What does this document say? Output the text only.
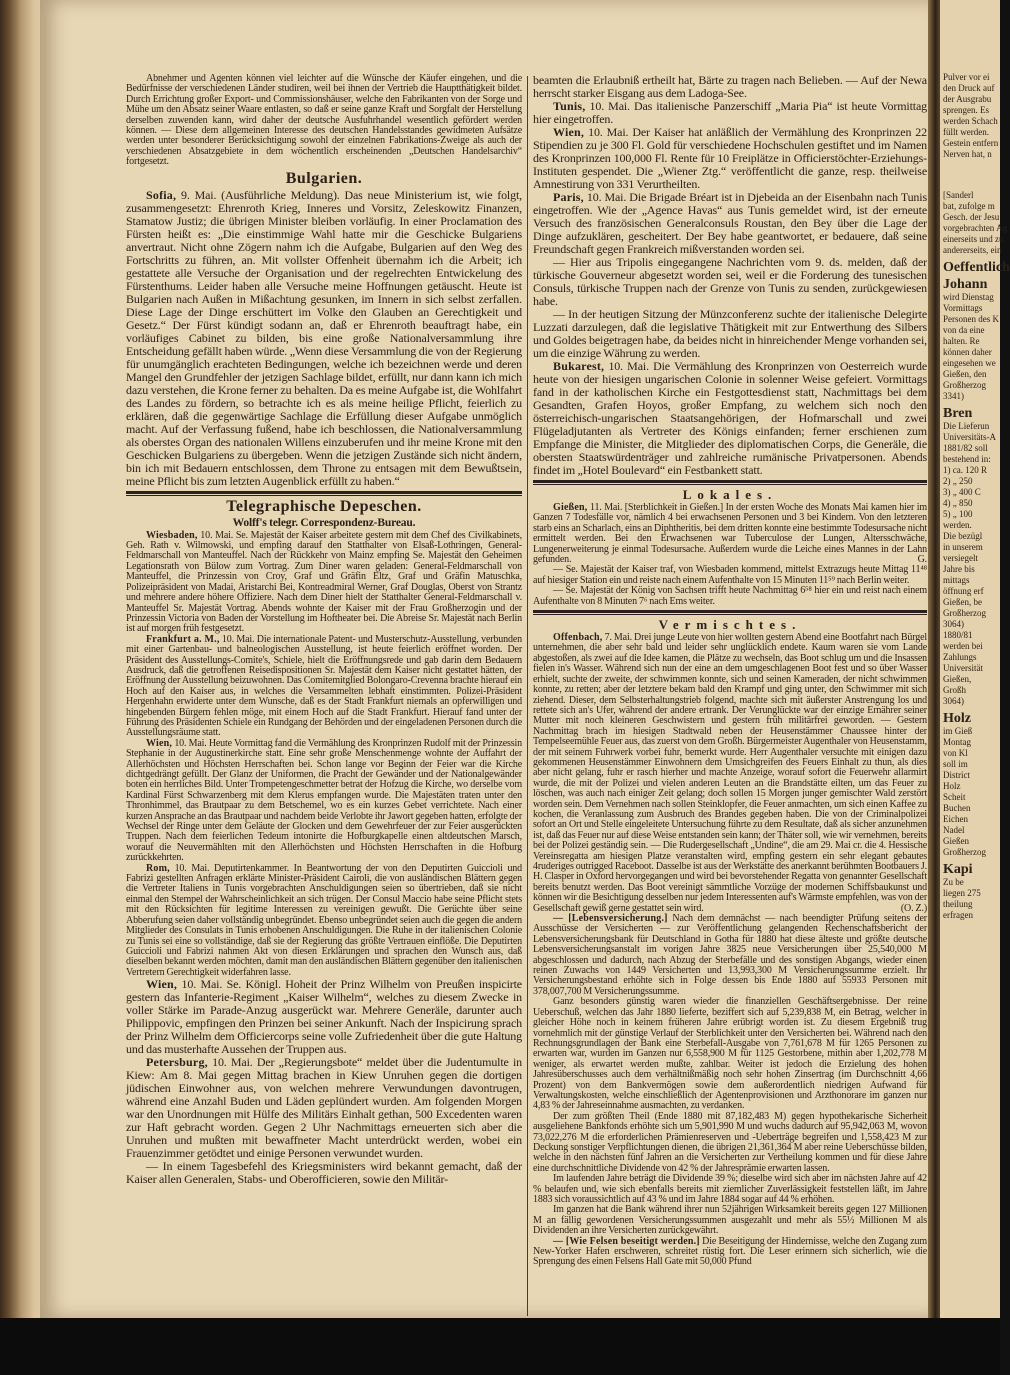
Abnehmer und Agenten können viel leichter auf die Wünsche der Käufer eingehen, und die Bedürfnisse der verschiedenen Länder studiren, weil bei ihnen der Vertrieb die Hauptthätigkeit bildet. Durch Errichtung großer Export- und Commissionshäuser, welche den Fabrikanten von der Sorge und Mühe um den Absatz seiner Waare entlasten, so daß er seine ganze Kraft und Sorgfalt der Herstellung derselben zuwenden kann, wird daher der deutsche Ausfuhrhandel wesentlich gefördert werden können. — Diese dem allgemeinen Interesse des deutschen Handelsstandes gewidmeten Aufsätze werden unter besonderer Berücksichtigung sowohl der einzelnen Fabrikations-Zweige als auch der verschiedenen Absatzgebiete in dem wöchentlich erscheinenden „Deutschen Handelsarchiv“ fortgesetzt.

Bulgarien.

Sofia, 9. Mai. (Ausführliche Meldung). Das neue Ministerium ist, wie folgt, zusammengesetzt: Ehrenroth Krieg, Inneres und Vorsitz, Zeleskowitz Finanzen, Stamatow Justiz; die übrigen Minister bleiben vorläufig. In einer Proclamation des Fürsten heißt es: „Die einstimmige Wahl hatte mir die Geschicke Bulgariens anvertraut. Nicht ohne Zögern nahm ich die Aufgabe, Bulgarien auf den Weg des Fortschritts zu führen, an. Mit vollster Offenheit übernahm ich die Arbeit; ich gestattete alle Versuche der Organisation und der regelrechten Entwickelung des Fürstenthums. Leider haben alle Versuche meine Hoffnungen getäuscht. Heute ist Bulgarien nach Außen in Mißachtung gesunken, im Innern in sich selbst zerfallen. Diese Lage der Dinge erschüttert im Volke den Glauben an Gerechtigkeit und Gesetz.“ Der Fürst kündigt sodann an, daß er Ehrenroth beauftragt habe, ein vorläufiges Cabinet zu bilden, bis eine große Nationalversammlung ihre Entscheidung gefällt haben würde. „Wenn diese Versammlung die von der Regierung für unumgänglich erachteten Bedingungen, welche ich bezeichnen werde und deren Mangel den Grundfehler der jetzigen Sachlage bildet, erfüllt, nur dann kann ich mich dazu verstehen, die Krone ferner zu behalten. Da es meine Aufgabe ist, die Wohlfahrt des Landes zu fördern, so betrachte ich es als meine heilige Pflicht, feierlich zu erklären, daß die gegenwärtige Sachlage die Erfüllung dieser Aufgabe unmöglich macht. Auf der Verfassung fußend, habe ich beschlossen, die Nationalversammlung als oberstes Organ des nationalen Willens einzuberufen und ihr meine Krone mit den Geschicken Bulgariens zu übergeben. Wenn die jetzigen Zustände sich nicht ändern, bin ich mit Bedauern entschlossen, dem Throne zu entsagen mit dem Bewußtsein, meine Pflicht bis zum letzten Augenblick erfüllt zu haben.“

Telegraphische Depeschen.
Wolff's telegr. Correspondenz-Bureau.

Wiesbaden, 10. Mai. Se. Majestät der Kaiser arbeitete gestern mit dem Chef des Civilkabinets, Geh. Rath v. Wilmowski, und empfing darauf den Statthalter von Elsaß-Lothringen, General-Feldmarschall von Manteuffel. Nach der Rückkehr von Mainz empfing Se. Majestät den Geheimen Legationsrath von Bülow zum Vortrag. Zum Diner waren geladen: General-Feldmarschall von Manteuffel, die Prinzessin von Croy, Graf und Gräfin Eltz, Graf und Gräfin Matuschka, Polizeipräsident von Madai, Aristarchi Bei, Kontreadmiral Werner, Graf Douglas, Oberst von Strantz und mehrere andere höhere Offiziere. Nach dem Diner hielt der Statthalter General-Feldmarschall v. Manteuffel Sr. Majestät Vortrag. Abends wohnte der Kaiser mit der Frau Großherzogin und der Prinzessin Victoria von Baden der Vorstellung im Hoftheater bei. Die Abreise Sr. Majestät nach Berlin ist auf morgen früh festgesetzt.

Frankfurt a. M., 10. Mai. Die internationale Patent- und Musterschutz-Ausstellung, verbunden mit einer Gartenbau- und balneologischen Ausstellung, ist heute feierlich eröffnet worden. Der Präsident des Ausstellungs-Comite's, Schiele, hielt die Eröffnungsrede und gab darin dem Bedauern Ausdruck, daß die getroffenen Reisedispositionen Sr. Majestät dem Kaiser nicht gestattet hätten, der Eröffnung der Ausstellung beizuwohnen. Das Comitemitglied Bolongaro-Crevenna brachte hierauf ein Hoch auf den Kaiser aus, in welches die Versammelten lebhaft einstimmten. Polizei-Präsident Hergenhahn erwiderte unter dem Wunsche, daß es der Stadt Frankfurt niemals an opferwilligen und hingebenden Bürgern fehlen möge, mit einem Hoch auf die Stadt Frankfurt. Hierauf fand unter der Führung des Präsidenten Schiele ein Rundgang der Behörden und der eingeladenen Personen durch die Ausstellungsräume statt.

Wien, 10. Mai. Heute Vormittag fand die Vermählung des Kronprinzen Rudolf mit der Prinzessin Stephanie in der Augustinerkirche statt. Eine sehr große Menschenmenge wohnte der Auffahrt der Allerhöchsten und Höchsten Herrschaften bei. Schon lange vor Beginn der Feier war die Kirche dichtgedrängt gefüllt. Der Glanz der Uniformen, die Pracht der Gewänder und der Nationalgewänder boten ein herrliches Bild. Unter Trompetengeschmetter betrat der Hofzug die Kirche, wo derselbe vom Kardinal Fürst Schwarzenberg mit dem Klerus empfangen wurde. Die Majestäten traten unter den Thronhimmel, das Brautpaar zu dem Betschemel, wo es ein kurzes Gebet verrichtete. Nach einer kurzen Ansprache an das Brautpaar und nachdem beide Verlobte ihr Jawort gegeben hatten, erfolgte der Wechsel der Ringe unter dem Geläute der Glocken und dem Gewehrfeuer der zur Feier ausgerückten Truppen. Nach dem feierlichen Tedeum intonirte die Hofburgkapelle einen altdeutschen Marsch, worauf die Neuvermählten mit den Allerhöchsten und Höchsten Herrschaften in die Hofburg zurückkehrten.

Rom, 10. Mai. Deputirtenkammer. In Beantwortung der von den Deputirten Guiccioli und Fabrizi gestellten Anfragen erklärte Minister-Präsident Cairoli, die von ausländischen Blättern gegen die Vertreter Italiens in Tunis vorgebrachten Anschuldigungen seien so übertrieben, daß sie nicht einmal den Stempel der Wahrscheinlichkeit an sich trügen. Der Consul Maccio habe seine Pflicht stets mit den Rücksichten für legitime Interessen zu vereinigen gewußt. Die Gerüchte über seine Abberufung seien daher vollständig unbegründet. Ebenso unbegründet seien auch die gegen die andern Mitglieder des Consulats in Tunis erhobenen Anschuldigungen. Die Ruhe in der italienischen Colonie zu Tunis sei eine so vollständige, daß sie der Regierung das größte Vertrauen einflöße. Die Deputirten Guiccioli und Fabrizi nahmen Akt von diesen Erklärungen und sprachen den Wunsch aus, daß dieselben bekannt werden möchten, damit man den ausländischen Blättern gegenüber den italienischen Vertretern Gerechtigkeit widerfahren lasse.

Wien, 10. Mai. Se. Königl. Hoheit der Prinz Wilhelm von Preußen inspicirte gestern das Infanterie-Regiment „Kaiser Wilhelm“, welches zu diesem Zwecke in voller Stärke im Parade-Anzug ausgerückt war. Mehrere Generäle, darunter auch Philippovic, empfingen den Prinzen bei seiner Ankunft. Nach der Inspicirung sprach der Prinz Wilhelm dem Officiercorps seine volle Zufriedenheit über die gute Haltung und das musterhafte Aussehen der Truppen aus.

Petersburg, 10. Mai. Der „Regierungsbote“ meldet über die Judentumulte in Kiew: Am 8. Mai gegen Mittag brachen in Kiew Unruhen gegen die dortigen jüdischen Einwohner aus, von welchen mehrere Verwundungen davontrugen, während eine Anzahl Buden und Läden geplündert wurden. Am folgenden Morgen war den Unordnungen mit Hülfe des Militärs Einhalt gethan, 500 Excedenten waren zur Haft gebracht worden. Gegen 2 Uhr Nachmittags erneuerten sich aber die Unruhen und mußten mit bewaffneter Macht unterdrückt werden, wobei ein Frauenzimmer getödtet und einige Personen verwundet wurden.

— In einem Tagesbefehl des Kriegsministers wird bekannt gemacht, daß der Kaiser allen Generalen, Stabs- und Oberofficieren, sowie den Militär-

beamten die Erlaubniß ertheilt hat, Bärte zu tragen nach Belieben. — Auf der Newa herrscht starker Eisgang aus dem Ladoga-See.

Tunis, 10. Mai. Das italienische Panzerschiff „Maria Pia“ ist heute Vormittag hier eingetroffen.

Wien, 10. Mai. Der Kaiser hat anläßlich der Vermählung des Kronprinzen 22 Stipendien zu je 300 Fl. Gold für verschiedene Hochschulen gestiftet und im Namen des Kronprinzen 100,000 Fl. Rente für 10 Freiplätze in Officierstöchter-Erziehungs-Instituten gespendet. Die „Wiener Ztg.“ veröffentlicht die ganze, resp. theilweise Amnestirung von 331 Verurtheilten.

Paris, 10. Mai. Die Brigade Bréart ist in Djebeida an der Eisenbahn nach Tunis eingetroffen. Wie der „Agence Havas“ aus Tunis gemeldet wird, ist der erneute Versuch des französischen Generalconsuls Roustan, den Bey über die Lage der Dinge aufzuklären, gescheitert. Der Bey habe geantwortet, er bedauere, daß seine Freundschaft gegen Frankreich mißverstanden worden sei.

— Hier aus Tripolis eingegangene Nachrichten vom 9. ds. melden, daß der türkische Gouverneur abgesetzt worden sei, weil er die Forderung des tunesischen Consuls, türkische Truppen nach der Grenze von Tunis zu senden, zurückgewiesen habe.

— In der heutigen Sitzung der Münzconferenz suchte der italienische Delegirte Luzzati darzulegen, daß die legislative Thätigkeit mit zur Entwerthung des Silbers und Goldes beigetragen habe, da beides nicht in hinreichender Menge vorhanden sei, um die einzige Währung zu werden.

Bukarest, 10. Mai. Die Vermählung des Kronprinzen von Oesterreich wurde heute von der hiesigen ungarischen Colonie in solenner Weise gefeiert. Vormittags fand in der katholischen Kirche ein Festgottesdienst statt, Nachmittags bei dem Gesandten, Grafen Hoyos, großer Empfang, zu welchem sich noch den österreichisch-ungarischen Staatsangehörigen, der Hofmarschall und zwei Flügeladjutanten als Vertreter des Königs einfanden; ferner erschienen zum Empfange die Minister, die Mitglieder des diplomatischen Corps, die Generäle, die obersten Staatswürdenträger und zahlreiche rumänische Privatpersonen. Abends findet im „Hotel Boulevard“ ein Festbankett statt.

Lokales.

Gießen, 11. Mai. [Sterblichkeit in Gießen.] In der ersten Woche des Monats Mai kamen hier im Ganzen 7 Todesfälle vor, nämlich 4 bei erwachsenen Personen und 3 bei Kindern. Von den letzteren starb eins an Scharlach, eins an Diphtheritis, bei dem dritten konnte eine bestimmte Todesursache nicht ermittelt werden. Bei den Erwachsenen war Tuberculose der Lungen, Altersschwäche, Lungenerweiterung je einmal Todesursache. Außerdem wurde die Leiche eines Mannes in der Lahn gefunden.	G.

— Se. Majestät der Kaiser traf, von Wiesbaden kommend, mittelst Extrazugs heute Mittag 11⁴⁸ auf hiesiger Station ein und reiste nach einem Aufenthalte von 15 Minuten 11⁵⁹ nach Berlin weiter.

— Se. Majestät der König von Sachsen trifft heute Nachmittag 6⁵⁸ hier ein und reist nach einem Aufenthalte von 8 Minuten 7⁶ nach Ems weiter.

Vermischtes.

Offenbach, 7. Mai. Drei junge Leute von hier wollten gestern Abend eine Bootfahrt nach Bürgel unternehmen, die aber sehr bald und leider sehr unglücklich endete. Kaum waren sie vom Lande abgestoßen, als zwei auf die Idee kamen, die Plätze zu wechseln, das Boot schlug um und die Insassen fielen in's Wasser. Während sich nun der eine an dem umgeschlagenen Boot fest und so über Wasser erhielt, suchte der zweite, der schwimmen konnte, sich und seinen Kameraden, der nicht schwimmen konnte, zu retten; aber der letztere bekam bald den Krampf und ging unter, den Schwimmer mit sich ziehend. Dieser, dem Selbsterhaltungstrieb folgend, machte sich mit äußerster Anstrengung los und rettete sich an's Ufer, während der andere ertrank. Der Verunglückte war der einzige Ernährer seiner Mutter mit noch kleineren Geschwistern und gestern früh militärfrei geworden. — Gestern Nachmittag brach im hiesigen Stadtwald neben der Heusenstämmer Chaussee hinter der Tempelseemühle Feuer aus, das zuerst von dem Großh. Bürgermeister Augenthaler von Heusenstamm, der mit seinem Fuhrwerk vorbei fuhr, bemerkt wurde. Herr Augenthaler versuchte mit einigen dazu gekommenen Heusenstämmer Einwohnern dem Umsichgreifen des Feuers Einhalt zu thun, als dies aber nicht gelang, fuhr er rasch hierher und machte Anzeige, worauf sofort die Feuerwehr allarmirt wurde, die mit der Polizei und vielen anderen Leuten an die Brandstätte eilten, um das Feuer zu löschen, was auch nach einiger Zeit gelang; doch sollen 15 Morgen junger gemischter Wald zerstört worden sein. Dem Vernehmen nach sollen Steinklopfer, die Feuer anmachten, um sich einen Kaffee zu kochen, die Veranlassung zum Ausbruch des Brandes gegeben haben. Die von der Criminalpolizei sofort an Ort und Stelle eingeleitete Untersuchung führte zu dem Resultate, daß als sicher anzunehmen ist, daß das Feuer nur auf diese Weise entstanden sein kann; der Thäter soll, wie wir vernehmen, bereits bei der Polizei geständig sein. — Die Rudergesellschaft „Undine“, die am 29. Mai cr. die 4. Hessische Vereinsregatta am hiesigen Platze veranstalten wird, empfing gestern ein sehr elegant gebautes 4ruderiges outrigged Raceboot. Dasselbe ist aus der Werkstätte des anerkannt berühmten Bootbauers J. H. Clasper in Oxford hervorgegangen und wird bei bevorstehender Regatta von genannter Gesellschaft bereits benutzt werden. Das Boot vereinigt sämmtliche Vorzüge der modernen Schiffsbaukunst und können wir die Besichtigung desselben nur jedem Interessenten auf's Wärmste empfehlen, was von der Gesellschaft gewiß gerne gestattet sein wird.	(O. Z.)

— [Lebensversicherung.] Nach dem demnächst — nach beendigter Prüfung seitens der Ausschüsse der Versicherten — zur Veröffentlichung gelangenden Rechenschaftsbericht der Lebensversicherungsbank für Deutschland in Gotha für 1880 hat diese älteste und größte deutsche Lebensversicherungsanstalt im vorigen Jahre 3825 neue Versicherungen über 25,540,000 M abgeschlossen und dadurch, nach Abzug der Sterbefälle und des sonstigen Abgangs, wieder einen reinen Zuwachs von 1449 Versicherten und 13,993,300 M Versicherungssumme erzielt. Ihr Versicherungsbestand erhöhte sich in Folge dessen bis Ende 1880 auf 55933 Personen mit 378,007,700 M Versicherungssumme.

Ganz besonders günstig waren wieder die finanziellen Geschäftsergebnisse. Der reine Ueberschuß, welchen das Jahr 1880 lieferte, beziffert sich auf 5,239,838 M, ein Betrag, welcher in gleicher Höhe noch in keinem früheren Jahre erübrigt worden ist. Zu diesem Ergebniß trug vornehmlich mit der günstige Verlauf der Sterblichkeit unter den Versicherten bei. Während nach den Rechnungsgrundlagen der Bank eine Sterbefall-Ausgabe von 7,761,678 M für 1265 Personen zu erwarten war, wurden im Ganzen nur 6,558,900 M für 1125 Gestorbene, mithin aber 1,202,778 M weniger, als erwartet werden mußte, zahlbar. Weiter ist jedoch die Erzielung des hohen Jahresüberschusses auch dem verhältnißmäßig noch sehr hohen Zinsertrag (im Durchschnitt 4,66 Prozent) von dem Bankvermögen sowie dem außerordentlich niedrigen Aufwand für Verwaltungskosten, welche einschließlich der Agentenprovisionen und Arzthonorare im ganzen nur 4,83 % der Jahreseinnahme ausmachten, zu verdanken.

Der zum größten Theil (Ende 1880 mit 87,182,483 M) gegen hypothekarische Sicherheit ausgeliehene Bankfonds erhöhte sich um 5,901,990 M und wuchs dadurch auf 95,942,063 M, wovon 73,022,276 M die erforderlichen Prämienreserven und -Ueberträge begreifen und 1,558,423 M zur Deckung sonstiger Verpflichtungen dienen, die übrigen 21,361,364 M aber reine Ueberschüsse bilden, welche in den nächsten fünf Jahren an die Versicherten zur Vertheilung kommen und für diese Jahre eine durchschnittliche Dividende von 42 % der Jahresprämie erwarten lassen.

Im laufenden Jahre beträgt die Dividende 39 %; dieselbe wird sich aber im nächsten Jahre auf 42 % belaufen und, wie sich ebenfalls bereits mit ziemlicher Zuverlässigkeit feststellen läßt, im Jahre 1883 sich voraussichtlich auf 43 % und im Jahre 1884 sogar auf 44 % erhöhen.

Im ganzen hat die Bank während ihrer nun 52jährigen Wirksamkeit bereits gegen 127 Millionen M an fällig gewordenen Versicherungssummen ausgezahlt und mehr als 55½ Millionen M als Dividenden an ihre Versicherten zurückgewährt.

— [Wie Felsen beseitigt werden.] Die Beseitigung der Hindernisse, welche den Zugang zum New-Yorker Hafen erschweren, schreitet rüstig fort. Die Leser erinnern sich sicherlich, wie die Sprengung des einen Felsens Hall Gate mit 50,000 Pfund

Pulver vor ei
den Druck auf
der Ausgrabu
sprengen. Es
werden Schach
füllt werden.
Gestein entfern
Nerven hat, n
[Sanderl
bat, zufolge m
Gesch. der Jesu
vorgebrachten Ag
einerseits und zu
andererseits, ein
Oeffentlich
Johann
wird Dienstag
Vormittags
Personen des K
von da eine
halten. Re
können daher
eingesehen we
Gießen, den
Großherzog
3341)
Bren
Die Lieferun
Universitäts-A
1881/82 soll
bestehend in:
1) ca. 120 R
2) „ 250
3) „ 400 C
4) „ 850
5) „ 100
werden.
Die bezügl
in unserem
versiegelt
Jahre bis
mittags
öffnung erf
Gießen, be
Großherzog
3064)
1880/81
werden bei
Zahlungs
Universität
Gießen,
Großh
3064)
Holz
im Gieß
Montag
von Kl
soll im
District
Holz
Scheit
Buchen
Eichen
Nadel
Gießen
Großherzog
Kapi
Zu be
liegen 275
theilung
erfragen
